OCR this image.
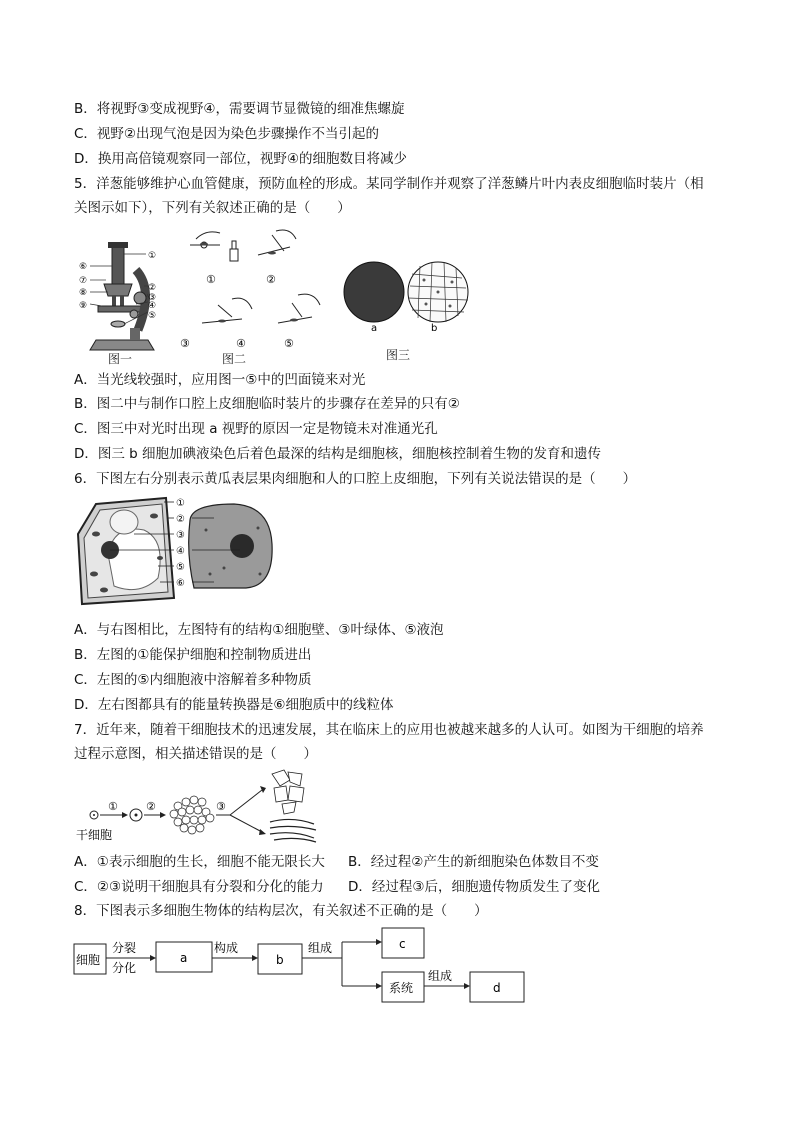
B．将视野③变成视野④，需要调节显微镜的细准焦螺旋
C．视野②出现气泡是因为染色步骤操作不当引起的
D．换用高倍镜观察同一部位，视野④的细胞数目将减少
5．洋葱能够维护心血管健康，预防血栓的形成。某同学制作并观察了洋葱鳞片叶内表皮细胞临时装片（相
关图示如下），下列有关叙述正确的是（　　）
①
②
③
④
⑤
⑥
⑦
⑧
⑨
图一
①	②
③	④	⑤
图二
a	b
图三
A．当光线较强时，应用图一⑤中的凹面镜来对光
B．图二中与制作口腔上皮细胞临时装片的步骤存在差异的只有②
C．图三中对光时出现 a 视野的原因一定是物镜未对准通光孔
D．图三 b 细胞加碘液染色后着色最深的结构是细胞核，细胞核控制着生物的发育和遗传
6．下图左右分别表示黄瓜表层果肉细胞和人的口腔上皮细胞，下列有关说法错误的是（　　）
①
②
③
④
⑤
⑥
A．与右图相比，左图特有的结构①细胞壁、③叶绿体、⑤液泡
B．左图的①能保护细胞和控制物质进出
C．左图的⑤内细胞液中溶解着多种物质
D．左右图都具有的能量转换器是⑥细胞质中的线粒体
7．近年来，随着干细胞技术的迅速发展，其在临床上的应用也被越来越多的人认可。如图为干细胞的培养
过程示意图，相关描述错误的是（　　）
①	②	③
干细胞
A．①表示细胞的生长，细胞不能无限长大 B．经过程②产生的新细胞染色体数目不变
C．②③说明干细胞具有分裂和分化的能力 D．经过程③后，细胞遗传物质发生了变化
8．下图表示多细胞生物体的结构层次，有关叙述不正确的是（　　）
细胞
分裂
分化
a
构成
b
组成	c
系统
组成
d
